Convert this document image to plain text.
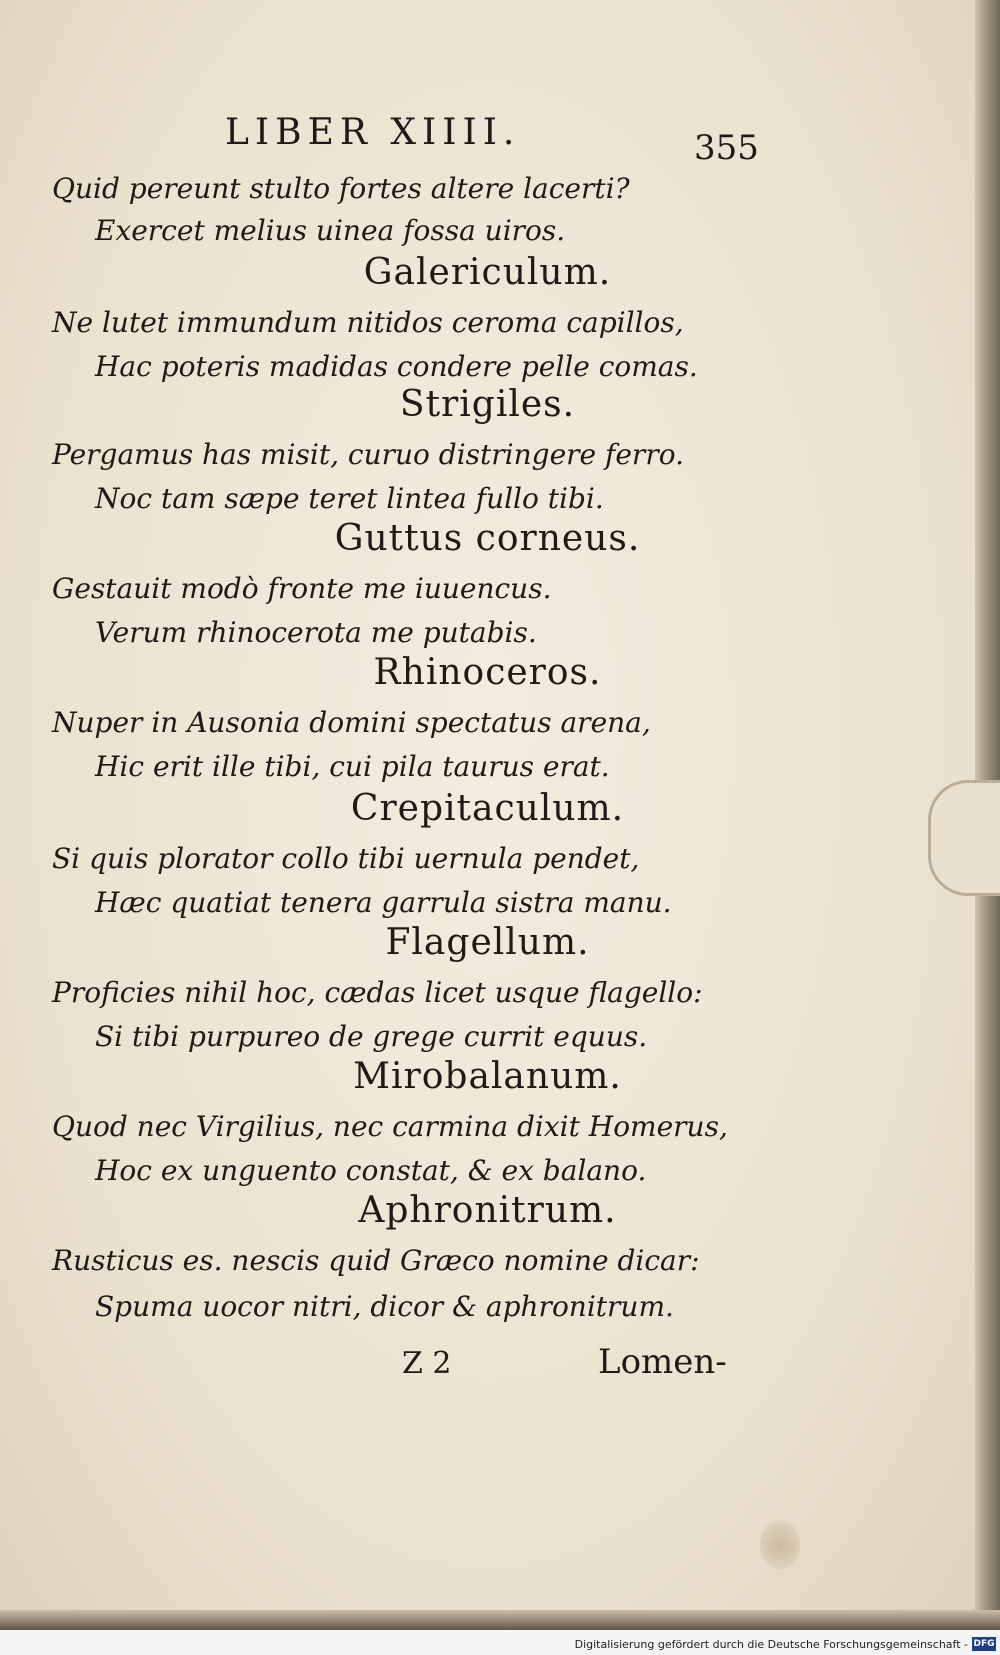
LIBER XIIII.	355
Quid pereunt stulto fortes altere lacerti?
Exercet melius uinea fossa uiros.
Galericulum.
Ne lutet immundum nitidos ceroma capillos,
Hac poteris madidas condere pelle comas.
Strigiles.
Pergamus has misit, curuo distringere ferro.
Noc tam sæpe teret lintea fullo tibi.
Guttus corneus.
Gestauit modò fronte me iuuencus.
Verum rhinocerota me putabis.
Rhinoceros.
Nuper in Ausonia domini spectatus arena,
Hic erit ille tibi, cui pila taurus erat.
Crepitaculum.
Si quis plorator collo tibi uernula pendet,
Hæc quatiat tenera garrula sistra manu.
Flagellum.
Proficies nihil hoc, cædas licet usque flagello:
Si tibi purpureo de grege currit equus.
Mirobalanum.
Quod nec Virgilius, nec carmina dixit Homerus,
Hoc ex unguento constat, & ex balano.
Aphronitrum.
Rusticus es. nescis quid Græco nomine dicar:
Spuma uocor nitri, dicor & aphronitrum.
Z 2	Lomen-
Digitalisierung gefördert durch die Deutsche Forschungsgemeinschaft - DFG
